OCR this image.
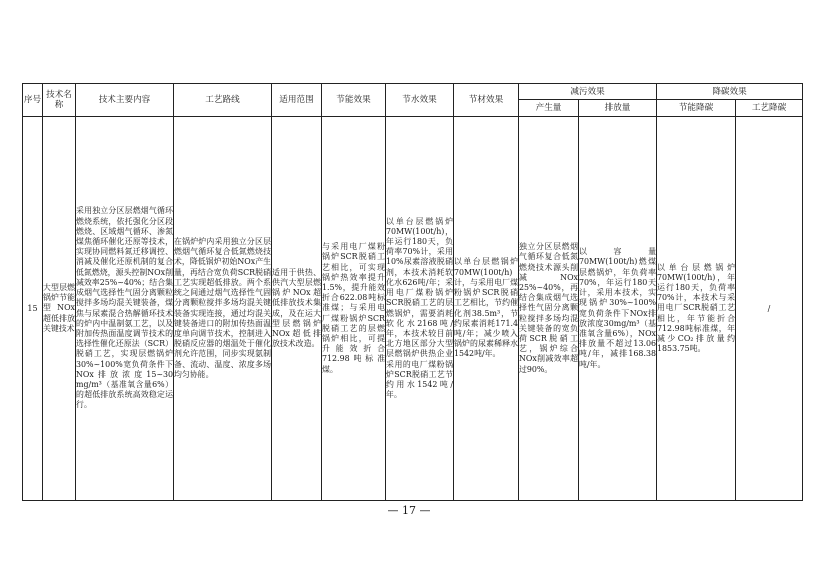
序号	技术名称	技术主要内容	工艺路线	适用范围	节能效果	节水效果	节材效果	减污效果		降碳效果	
								产生量	排放量	节能降碳	工艺降碳
15	大型层燃锅炉节能型NOx超低排放关键技术	采用独立分区层燃烟气循环燃烧系统，依托强化分区段燃烧、区域烟气循环、渗氮煤焦循环催化还原等技术，实现协同燃料氮迁移调控、消减及催化还原机制的复合低氮燃烧，源头控制NOx削减效率25%~40%；结合集成烟气选择性气固分离颗粒搅拌多场均混关键装备，煤焦与尿素混合热解循环技术的炉内中温制氨工艺，以及附加传热面温度调节技术的选择性催化还原法（SCR）脱硝工艺，实现层燃锅炉30%~100%宽负荷条件下NOx排放浓度15~30 mg/m³（基准氧含量6%）的超低排放系统高效稳定运行。	在锅炉炉内采用独立分区层燃烟气循环复合低氮燃烧技术，降低锅炉初始NOx产生量，再结合宽负荷SCR脱硝工艺实现超低排放。两个系统之间通过烟气选择性气固分离颗粒搅拌多场均混关键装备实现连接，通过均混关键装备进口的附加传热面温度单向调节技术，控制进入脱硝反应器的烟温处于催化剂允许范围，同步实现氨制备、流动、温度、浓度多场均匀协能。	适用于供热、供汽大型层燃锅炉NOx超低排放技术集成，及在运大型层燃锅炉NOx超低排放技术改造。	与采用电厂煤粉锅炉SCR脱硝工艺相比，可实现锅炉热效率提升1.5%，提升能效折合622.08吨标准煤；与采用电厂煤粉锅炉SCR脱硝工艺的层燃锅炉相比，可提升能效折合712.98吨标准煤。	以单台层燃锅炉70MW(100t/h)，年运行180天，负荷率70%计，采用10%尿素溶液脱硝剂，本技术消耗软化水626吨/年；采用电厂煤粉锅炉SCR脱硝工艺的层燃锅炉，需要消耗软化水2168吨/年，本技术较目前北方地区部分大型层燃锅炉供热企业采用的电厂煤粉锅炉SCR脱硝工艺节约用水1542吨/年。	以单台层燃锅炉70MW(100t/h)计，与采用电厂煤粉锅炉SCR脱硝工艺相比，节约催化剂38.5m³，节约尿素消耗171.4吨/年；减少喷入锅炉的尿素稀释水1542吨/年。	独立分区层燃烟气循环复合低氮燃烧技术源头削减NOx 25%~40%，再结合集成烟气选择性气固分离颗粒搅拌多场均混关键装备的宽负荷SCR脱硝工艺，锅炉综合NOx削减效率超过90%。	以容量70MW(100t/h)燃煤层燃锅炉，年负荷率70%，年运行180天计，采用本技术，实现锅炉30%~100%宽负荷条件下NOx排放浓度30mg/m³（基准氧含量6%），NOx排放量不超过13.06吨/年，减排168.38吨/年。	以单台层燃锅炉70MW(100t/h)，年运行180天，负荷率70%计，本技术与采用电厂SCR脱硝工艺相比，年节能折合712.98吨标准煤，年减少CO₂排放量约1853.75吨。	/
— 17 —
